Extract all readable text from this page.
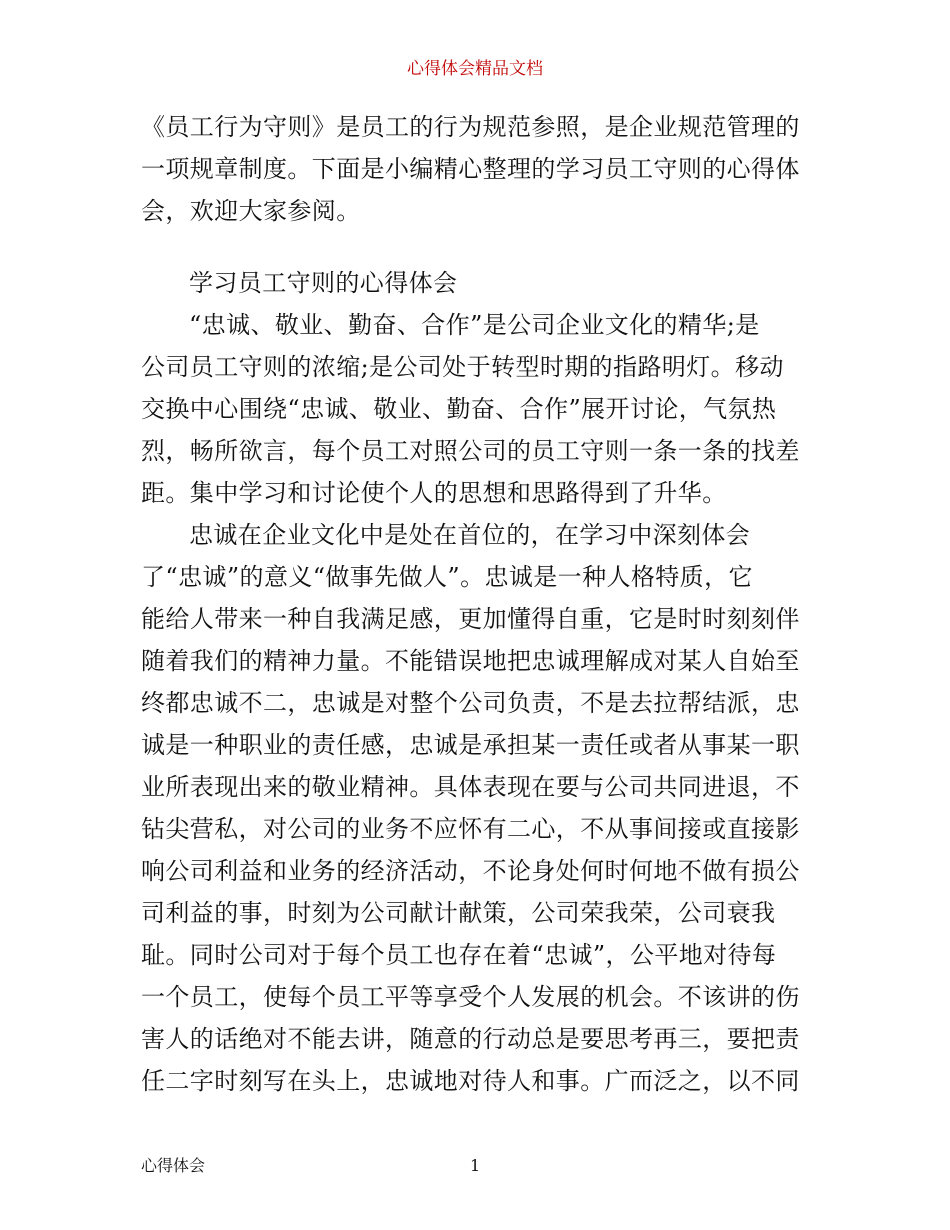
心得体会精品文档
《员工行为守则》是员工的行为规范参照，是企业规范管理的
一项规章制度。下面是小编精心整理的学习员工守则的心得体
会，欢迎大家参阅。
学习员工守则的心得体会
“忠诚、敬业、勤奋、合作”是公司企业文化的精华;是
公司员工守则的浓缩;是公司处于转型时期的指路明灯。移动
交换中心围绕“忠诚、敬业、勤奋、合作”展开讨论，气氛热
烈，畅所欲言，每个员工对照公司的员工守则一条一条的找差
距。集中学习和讨论使个人的思想和思路得到了升华。
忠诚在企业文化中是处在首位的，在学习中深刻体会
了“忠诚”的意义“做事先做人”。忠诚是一种人格特质，它
能给人带来一种自我满足感，更加懂得自重，它是时时刻刻伴
随着我们的精神力量。不能错误地把忠诚理解成对某人自始至
终都忠诚不二，忠诚是对整个公司负责，不是去拉帮结派，忠
诚是一种职业的责任感，忠诚是承担某一责任或者从事某一职
业所表现出来的敬业精神。具体表现在要与公司共同进退，不
钻尖营私，对公司的业务不应怀有二心，不从事间接或直接影
响公司利益和业务的经济活动，不论身处何时何地不做有损公
司利益的事，时刻为公司献计献策，公司荣我荣，公司衰我
耻。同时公司对于每个员工也存在着“忠诚”，公平地对待每
一个员工，使每个员工平等享受个人发展的机会。不该讲的伤
害人的话绝对不能去讲，随意的行动总是要思考再三，要把责
任二字时刻写在头上，忠诚地对待人和事。广而泛之，以不同
心得体会	1
